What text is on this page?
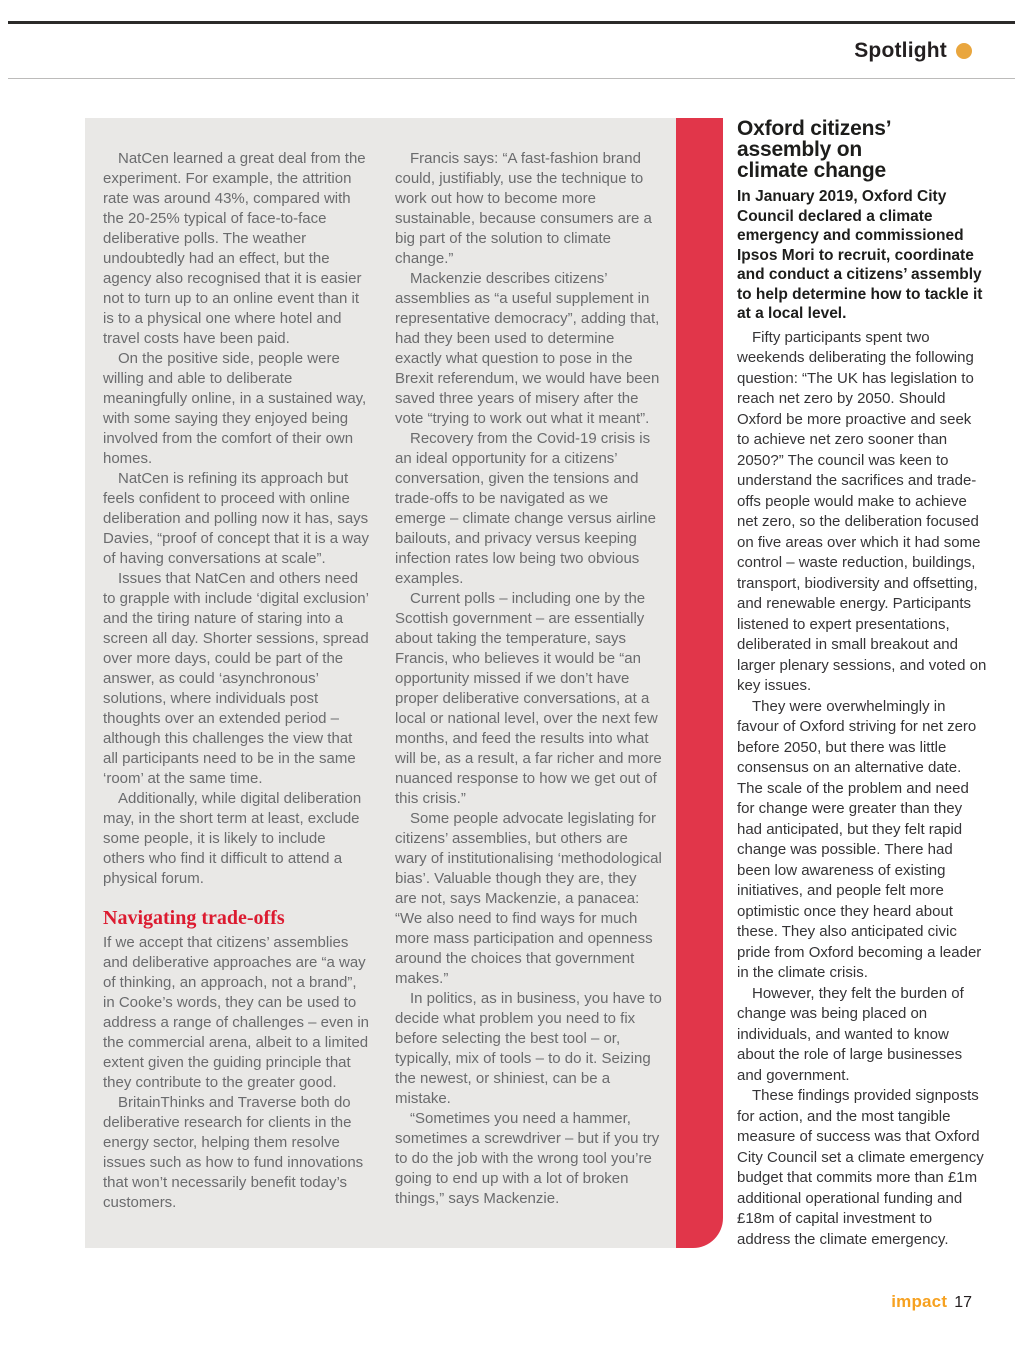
Spotlight

NatCen learned a great deal from the experiment. For example, the attrition rate was around 43%, compared with the 20-25% typical of face-to-face deliberative polls. The weather undoubtedly had an effect, but the agency also recognised that it is easier not to turn up to an online event than it is to a physical one where hotel and travel costs have been paid.

On the positive side, people were willing and able to deliberate meaningfully online, in a sustained way, with some saying they enjoyed being involved from the comfort of their own homes.

NatCen is refining its approach but feels confident to proceed with online deliberation and polling now it has, says Davies, “proof of concept that it is a way of having conversations at scale”.

Issues that NatCen and others need to grapple with include ‘digital exclusion’ and the tiring nature of staring into a screen all day. Shorter sessions, spread over more days, could be part of the answer, as could ‘asynchronous’ solutions, where individuals post thoughts over an extended period – although this challenges the view that all participants need to be in the same ‘room’ at the same time.

Additionally, while digital deliberation may, in the short term at least, exclude some people, it is likely to include others who find it difficult to attend a physical forum.

Navigating trade-offs

If we accept that citizens’ assemblies and deliberative approaches are “a way of thinking, an approach, not a brand”, in Cooke’s words, they can be used to address a range of challenges – even in the commercial arena, albeit to a limited extent given the guiding principle that they contribute to the greater good.

BritainThinks and Traverse both do deliberative research for clients in the energy sector, helping them resolve issues such as how to fund innovations that won’t necessarily benefit today’s customers.

Francis says: “A fast-fashion brand could, justifiably, use the technique to work out how to become more sustainable, because consumers are a big part of the solution to climate change.”

Mackenzie describes citizens’ assemblies as “a useful supplement in representative democracy”, adding that, had they been used to determine exactly what question to pose in the Brexit referendum, we would have been saved three years of misery after the vote “trying to work out what it meant”.

Recovery from the Covid-19 crisis is an ideal opportunity for a citizens’ conversation, given the tensions and trade-offs to be navigated as we emerge – climate change versus airline bailouts, and privacy versus keeping infection rates low being two obvious examples.

Current polls – including one by the Scottish government – are essentially about taking the temperature, says Francis, who believes it would be “an opportunity missed if we don’t have proper deliberative conversations, at a local or national level, over the next few months, and feed the results into what will be, as a result, a far richer and more nuanced response to how we get out of this crisis.”

Some people advocate legislating for citizens’ assemblies, but others are wary of institutionalising ‘methodological bias’. Valuable though they are, they are not, says Mackenzie, a panacea: “We also need to find ways for much more mass participation and openness around the choices that government makes.”

In politics, as in business, you have to decide what problem you need to fix before selecting the best tool – or, typically, mix of tools – to do it. Seizing the newest, or shiniest, can be a mistake.

“Sometimes you need a hammer, sometimes a screwdriver – but if you try to do the job with the wrong tool you’re going to end up with a lot of broken things,” says Mackenzie.

Oxford citizens’
assembly on
climate change

In January 2019, Oxford City Council declared a climate emergency and commissioned Ipsos Mori to recruit, coordinate and conduct a citizens’ assembly to help determine how to tackle it at a local level.

Fifty participants spent two weekends deliberating the following question: “The UK has legislation to reach net zero by 2050. Should Oxford be more proactive and seek to achieve net zero sooner than 2050?” The council was keen to understand the sacrifices and trade-offs people would make to achieve net zero, so the deliberation focused on five areas over which it had some control – waste reduction, buildings, transport, biodiversity and offsetting, and renewable energy. Participants listened to expert presentations, deliberated in small breakout and larger plenary sessions, and voted on key issues.

They were overwhelmingly in favour of Oxford striving for net zero before 2050, but there was little consensus on an alternative date. The scale of the problem and need for change were greater than they had anticipated, but they felt rapid change was possible. There had been low awareness of existing initiatives, and people felt more optimistic once they heard about these. They also anticipated civic pride from Oxford becoming a leader in the climate crisis.

However, they felt the burden of change was being placed on individuals, and wanted to know about the role of large businesses and government.

These findings provided signposts for action, and the most tangible measure of success was that Oxford City Council set a climate emergency budget that commits more than £1m additional operational funding and £18m of capital investment to address the climate emergency.

impact 17
